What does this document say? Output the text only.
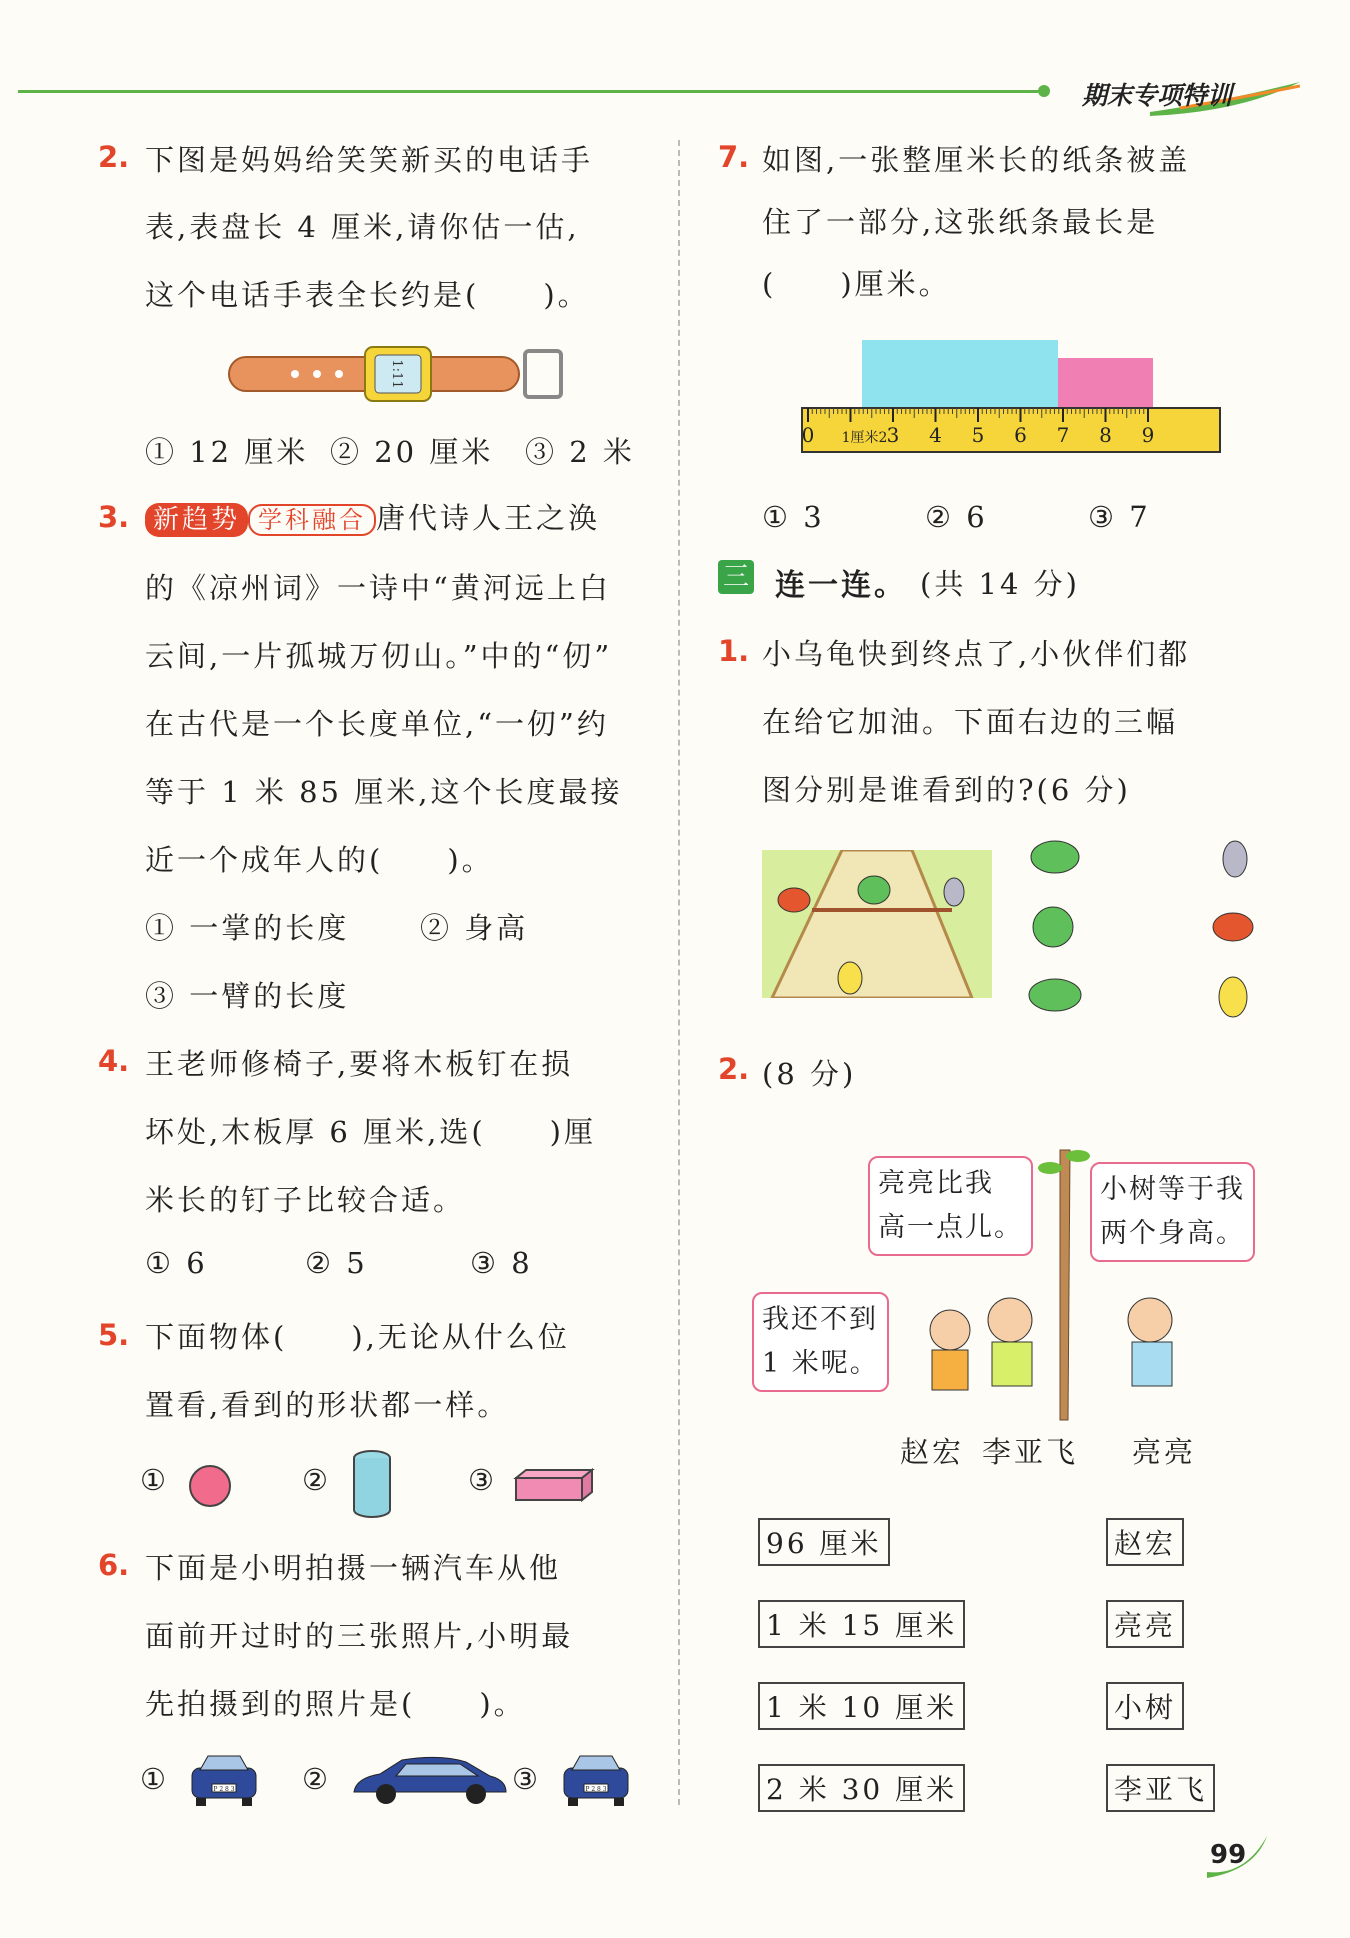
期末专项特训
2. 下图是妈妈给笑笑新买的电话手
表,表盘长 4 厘米,请你估一估,
这个电话手表全长约是(　　)。
1:11
① 12 厘米 ② 20 厘米 ③ 2 米
3. 新趋势 学科融合 唐代诗人王之涣
的《凉州词》一诗中“黄河远上白
云间,一片孤城万仞山。”中的“仞”
在古代是一个长度单位,“一仞”约
等于 1 米 85 厘米,这个长度最接
近一个成年人的(　　)。
① 一掌的长度 ② 身高
③ 一臂的长度
4. 王老师修椅子,要将木板钉在损
坏处,木板厚 6 厘米,选(　　)厘
米长的钉子比较合适。
① 6	② 5	③ 8
5. 下面物体(　　),无论从什么位
置看,看到的形状都一样。
①	②	③
6. 下面是小明拍摄一辆汽车从他
面前开过时的三张照片,小明最
先拍摄到的照片是(　　)。
①	P 2 8 3 ②	③	P 2 8 3
7. 如图,一张整厘米长的纸条被盖
住了一部分,这张纸条最长是
(　　)厘米。
0 1厘米2 3 4 5 6 7 8 9
① 3	② 6	③ 7
三 连一连。 (共 14 分)
1. 小乌龟快到终点了,小伙伴们都
在给它加油。下面右边的三幅
图分别是谁看到的?(6 分)
2. (8 分)
亮亮比我
高一点儿。
小树等于我
两个身高。
我还不到
1 米呢。
赵宏 李亚飞 亮亮
96 厘米
1 米 15 厘米
1 米 10 厘米
2 米 30 厘米
赵宏
亮亮
小树
李亚飞
99
